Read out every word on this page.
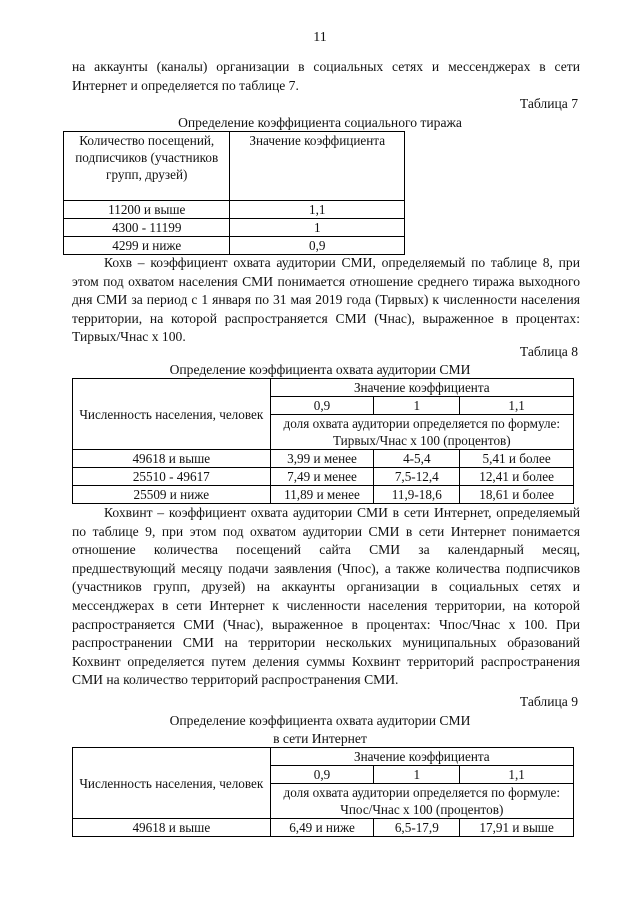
11

на аккаунты (каналы) организации в социальных сетях и мессенджерах в сети Интернет и определяется по таблице 7.

Таблица 7
Определение коэффициента социального тиража
Количество посещений, подписчиков (участников групп, друзей)	Значение коэффициента
11200 и выше	1,1
4300 - 11199	1
4299 и ниже	0,9

Кохв – коэффициент охвата аудитории СМИ, определяемый по таблице 8, при этом под охватом населения СМИ понимается отношение среднего тиража выходного дня СМИ за период с 1 января по 31 мая 2019 года (Тирвых) к численности населения территории, на которой распространяется СМИ (Чнас), выраженное в процентах: Тирвых/Чнас x 100.

Таблица 8
Определение коэффициента охвата аудитории СМИ
Численность населения, человек	Значение коэффициента		
	0,9	1	1,1
	доля охвата аудитории определяется по формуле: Тирвых/Чнас x 100 (процентов)		
49618 и выше	3,99 и менее	4-5,4	5,41 и более
25510 - 49617	7,49 и менее	7,5-12,4	12,41 и более
25509 и ниже	11,89 и менее	11,9-18,6	18,61 и более

Кохвинт – коэффициент охвата аудитории СМИ в сети Интернет, определяемый по таблице 9, при этом под охватом аудитории СМИ в сети Интернет понимается отношение количества посещений сайта СМИ за календарный месяц, предшествующий месяцу подачи заявления (Чпос), а также количества подписчиков (участников групп, друзей) на аккаунты организации в социальных сетях и мессенджерах в сети Интернет к численности населения территории, на которой распространяется СМИ (Чнас), выраженное в процентах: Чпос/Чнас x 100. При распространении СМИ на территории нескольких муниципальных образований Кохвинт определяется путем деления суммы Кохвинт территорий распространения СМИ на количество территорий распространения СМИ.

Таблица 9
Определение коэффициента охвата аудитории СМИ
в сети Интернет
Численность населения, человек	Значение коэффициента		
	0,9	1	1,1
	доля охвата аудитории определяется по формуле: Чпос/Чнас x 100 (процентов)		
49618 и выше	6,49 и ниже	6,5-17,9	17,91 и выше
